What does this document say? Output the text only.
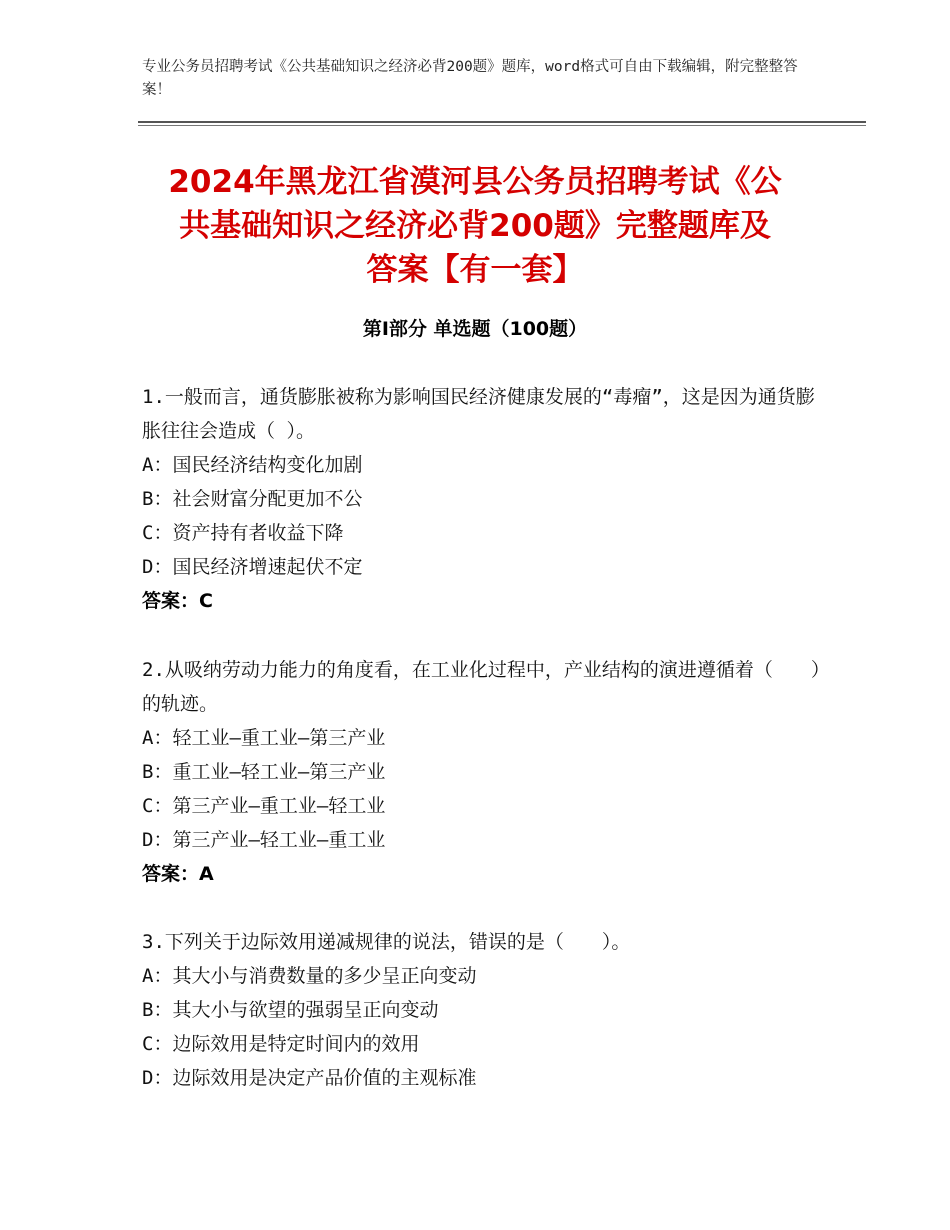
专业公务员招聘考试《公共基础知识之经济必背200题》题库，word格式可自由下载编辑，附完整整答案！
2024年黑龙江省漠河县公务员招聘考试《公
共基础知识之经济必背200题》完整题库及
答案【有一套】
第Ⅰ部分 单选题（100题）
1.一般而言，通货膨胀被称为影响国民经济健康发展的“毒瘤”，这是因为通货膨胀往往会造成（ ）。
A：国民经济结构变化加剧
B：社会财富分配更加不公
C：资产持有者收益下降
D：国民经济增速起伏不定
答案：C
2.从吸纳劳动力能力的角度看，在工业化过程中，产业结构的演进遵循着（　　）的轨迹。
A：轻工业—重工业—第三产业
B：重工业—轻工业—第三产业
C：第三产业—重工业—轻工业
D：第三产业—轻工业—重工业
答案：A
3.下列关于边际效用递减规律的说法，错误的是（　　）。
A：其大小与消费数量的多少呈正向变动
B：其大小与欲望的强弱呈正向变动
C：边际效用是特定时间内的效用
D：边际效用是决定产品价值的主观标准
